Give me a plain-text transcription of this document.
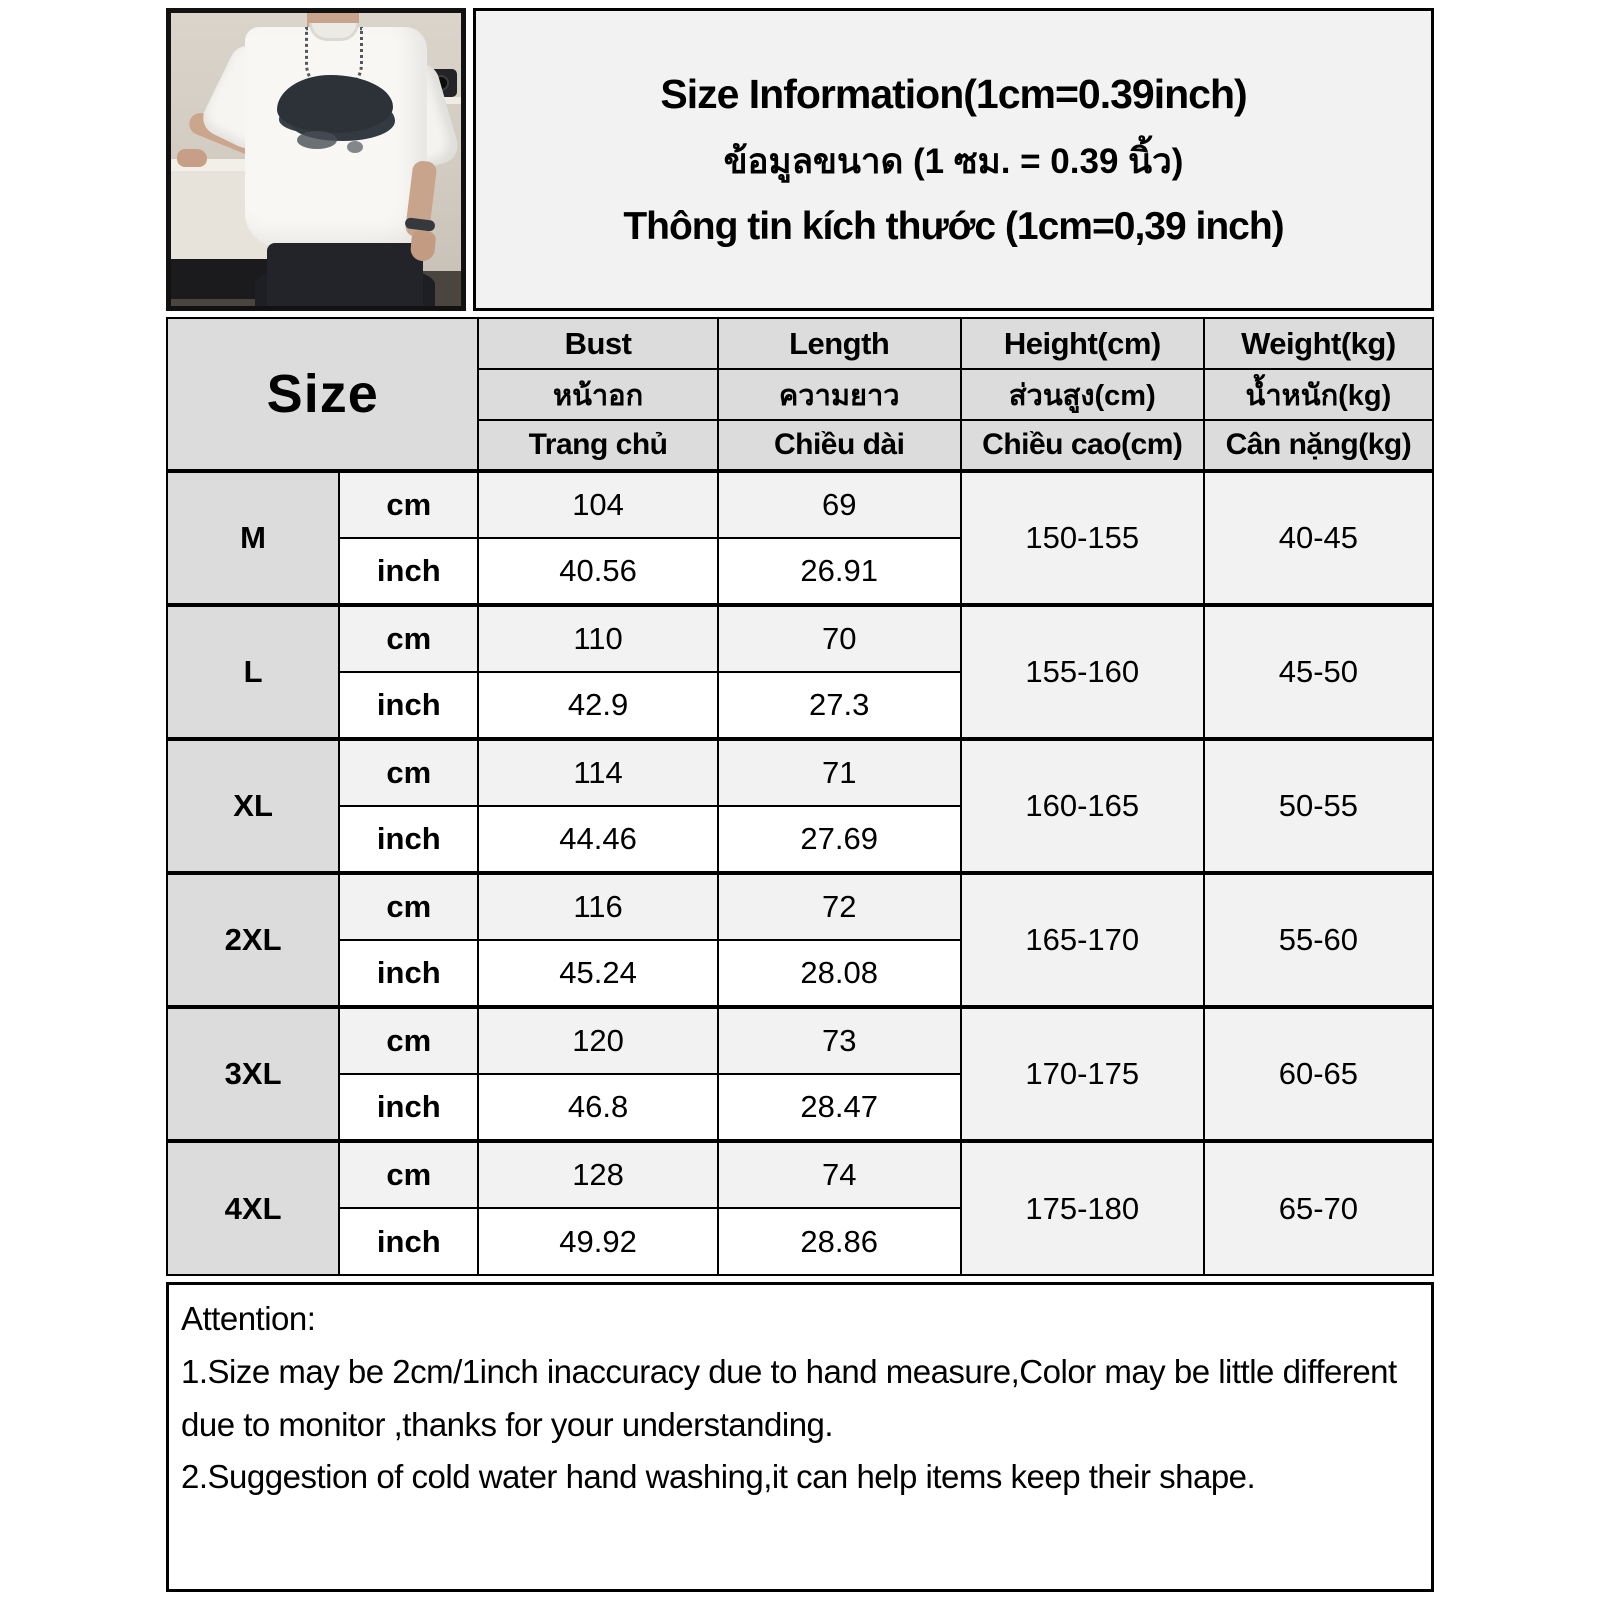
Size Information(1cm=0.39inch)
ข้อมูลขนาด (1 ซม. = 0.39 นิ้ว)
Thông tin kích thước (1cm=0,39 inch)
Size		Bust	Length	Height(cm)	Weight(kg)
		หน้าอก	ความยาว	ส่วนสูง(cm)	น้ำหนัก(kg)
		Trang chủ	Chiều dài	Chiều cao(cm)	Cân nặng(kg)
M	cm	104	69	150-155	40-45
	inch	40.56	26.91		
L	cm	110	70	155-160	45-50
	inch	42.9	27.3		
XL	cm	114	71	160-165	50-55
	inch	44.46	27.69		
2XL	cm	116	72	165-170	55-60
	inch	45.24	28.08		
3XL	cm	120	73	170-175	60-65
	inch	46.8	28.47		
4XL	cm	128	74	175-180	65-70
	inch	49.92	28.86		
Attention:
1.Size may be 2cm/1inch inaccuracy due to hand measure,Color may be little different due to monitor ,thanks for your understanding.
2.Suggestion of cold water hand washing,it can help items keep their shape.
